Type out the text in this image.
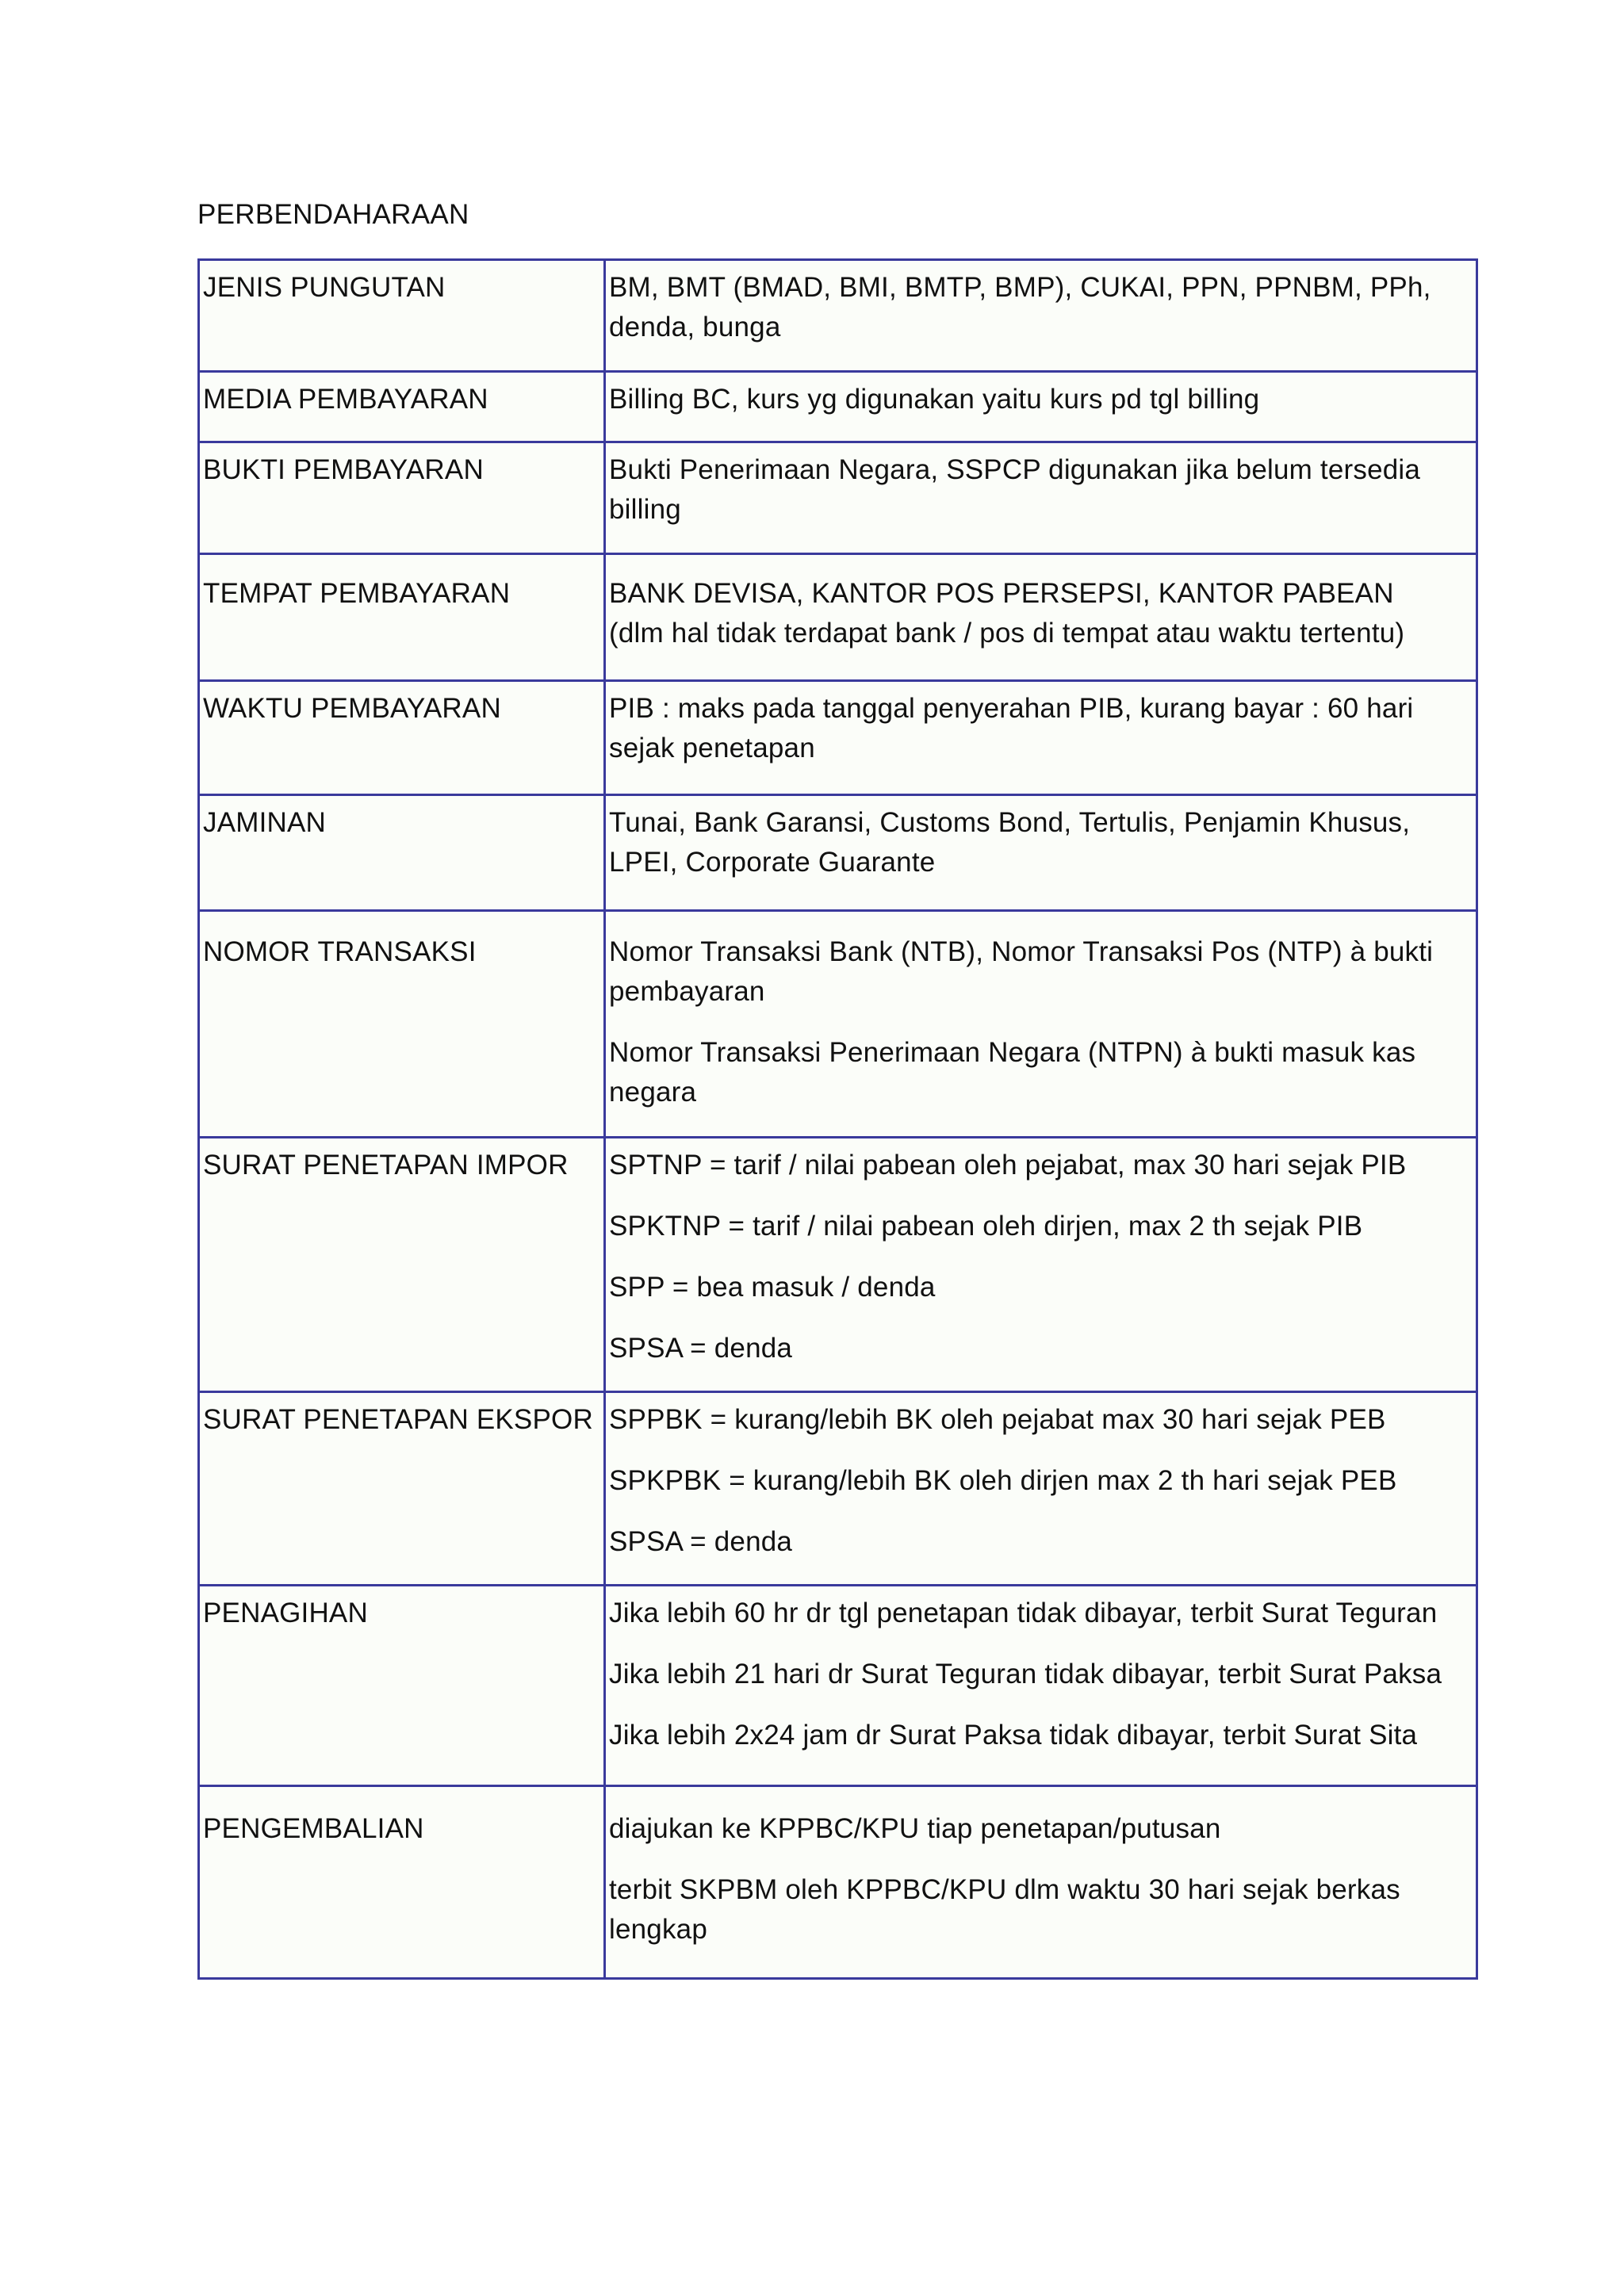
PERBENDAHARAAN
JENIS PUNGUTAN	BM, BMT (BMAD, BMI, BMTP, BMP), CUKAI, PPN, PPNBM, PPh, denda, bunga

MEDIA PEMBAYARAN	Billing BC, kurs yg digunakan yaitu kurs pd tgl billing

BUKTI PEMBAYARAN	Bukti Penerimaan Negara, SSPCP digunakan jika belum tersedia billing

TEMPAT PEMBAYARAN	BANK DEVISA, KANTOR POS PERSEPSI, KANTOR PABEAN (dlm hal tidak terdapat bank / pos di tempat atau waktu tertentu)

WAKTU PEMBAYARAN	PIB : maks pada tanggal penyerahan PIB, kurang bayar : 60 hari sejak penetapan

JAMINAN	Tunai, Bank Garansi, Customs Bond, Tertulis, Penjamin Khusus, LPEI, Corporate Guarante

NOMOR TRANSAKSI	Nomor Transaksi Bank (NTB), Nomor Transaksi Pos (NTP) à bukti pembayaran

Nomor Transaksi Penerimaan Negara (NTPN) à bukti masuk kas negara

SURAT PENETAPAN IMPOR	SPTNP = tarif / nilai pabean oleh pejabat, max 30 hari sejak PIB

SPKTNP = tarif / nilai pabean oleh dirjen, max 2 th sejak PIB

SPP = bea masuk / denda

SPSA = denda

SURAT PENETAPAN EKSPOR	SPPBK = kurang/lebih BK oleh pejabat max 30 hari sejak PEB

SPKPBK = kurang/lebih BK oleh dirjen max 2 th hari sejak PEB

SPSA = denda

PENAGIHAN	Jika lebih 60 hr dr tgl penetapan tidak dibayar, terbit Surat Teguran

Jika lebih 21 hari dr Surat Teguran tidak dibayar, terbit Surat Paksa

Jika lebih 2x24 jam dr Surat Paksa tidak dibayar, terbit Surat Sita

PENGEMBALIAN	diajukan ke KPPBC/KPU tiap penetapan/putusan

terbit SKPBM oleh KPPBC/KPU dlm waktu 30 hari sejak berkas lengkap
